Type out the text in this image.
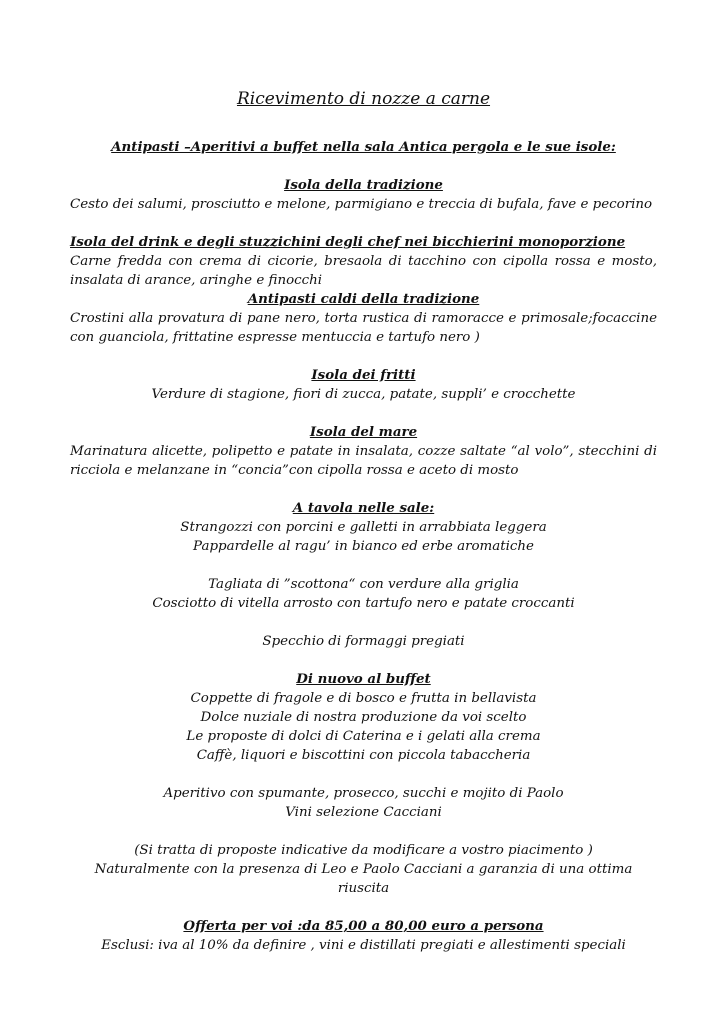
Ricevimento di nozze a carne

Antipasti –Aperitivi a buffet nella sala Antica pergola e le sue isole:

Isola della tradizione

Cesto dei salumi, prosciutto e melone, parmigiano e treccia di bufala, fave e pecorino

Isola del drink e degli stuzzichini degli chef nei bicchierini monoporzione

Carne fredda con crema di cicorie, bresaola di tacchino con cipolla rossa e mosto, insalata di arance, aringhe e finocchi

Antipasti caldi della tradizione

Crostini alla provatura di pane nero, torta rustica di ramoracce e primosale;focaccine con guanciola, frittatine espresse mentuccia e tartufo nero )

Isola dei fritti

Verdure di stagione, fiori di zucca, patate, suppli’ e crocchette

Isola del mare

Marinatura alicette, polipetto e patate in insalata, cozze saltate “al volo”, stecchini di ricciola e melanzane in “concia”con cipolla rossa e aceto di mosto

A tavola nelle sale:

Strangozzi con porcini e galletti in arrabbiata leggera

Pappardelle al ragu’ in bianco ed erbe aromatiche

Tagliata di ”scottona“ con verdure alla griglia

Cosciotto di vitella arrosto con tartufo nero e patate croccanti

Specchio di formaggi pregiati

Di nuovo al buffet

Coppette di fragole e di bosco e frutta in bellavista

Dolce nuziale di nostra produzione da voi scelto

Le proposte di dolci di Caterina e i gelati alla crema

Caffè, liquori e biscottini con piccola tabaccheria

Aperitivo con spumante, prosecco, succhi e mojito di Paolo

Vini selezione Cacciani

(Si tratta di proposte indicative da modificare a vostro piacimento )

Naturalmente con la presenza di Leo e Paolo Cacciani a garanzia di una ottima riuscita

Offerta per voi :da 85,00 a 80,00 euro a persona

Esclusi: iva al 10% da definire , vini e distillati pregiati e allestimenti speciali
